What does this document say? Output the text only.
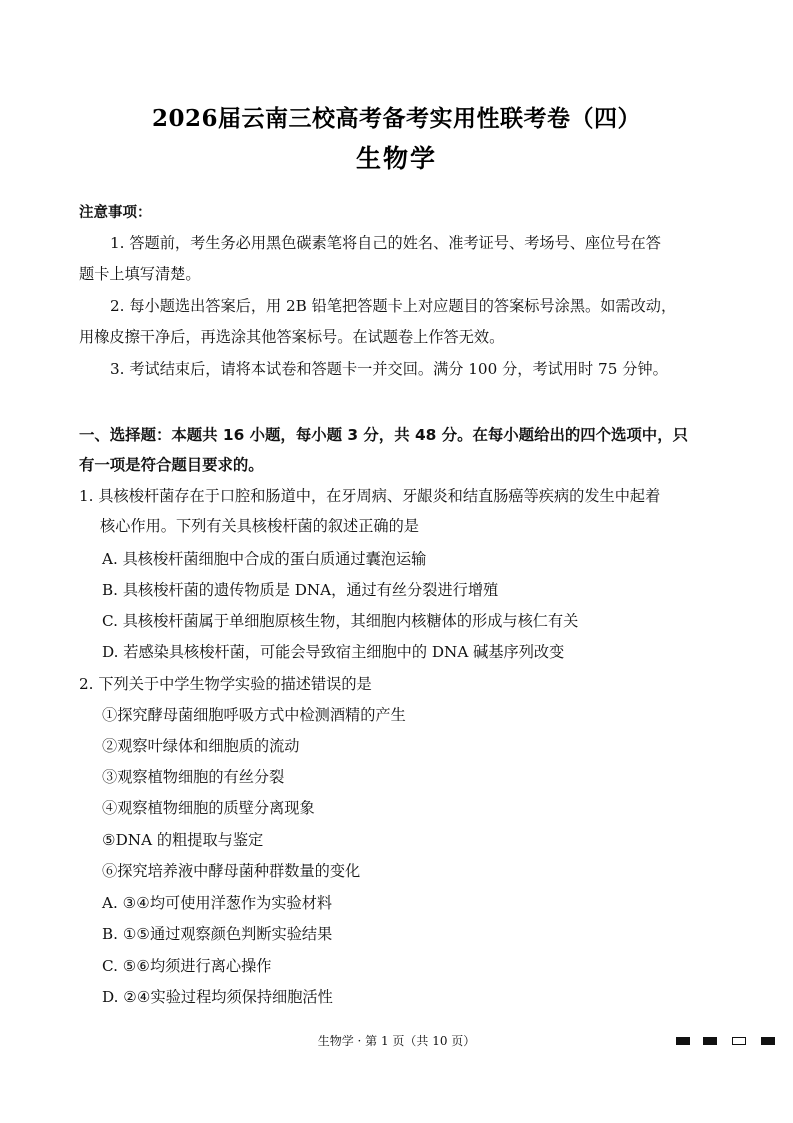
2026届云南三校高考备考实用性联考卷（四）
生物学
注意事项：
1. 答题前，考生务必用黑色碳素笔将自己的姓名、准考证号、考场号、座位号在答
题卡上填写清楚。
2. 每小题选出答案后，用 2B 铅笔把答题卡上对应题目的答案标号涂黑。如需改动，
用橡皮擦干净后，再选涂其他答案标号。在试题卷上作答无效。
3. 考试结束后，请将本试卷和答题卡一并交回。满分 100 分，考试用时 75 分钟。
一、选择题：本题共 16 小题，每小题 3 分，共 48 分。在每小题给出的四个选项中，只
有一项是符合题目要求的。
1. 具核梭杆菌存在于口腔和肠道中，在牙周病、牙龈炎和结直肠癌等疾病的发生中起着
核心作用。下列有关具核梭杆菌的叙述正确的是
A. 具核梭杆菌细胞中合成的蛋白质通过囊泡运输
B. 具核梭杆菌的遗传物质是 DNA，通过有丝分裂进行增殖
C. 具核梭杆菌属于单细胞原核生物，其细胞内核糖体的形成与核仁有关
D. 若感染具核梭杆菌，可能会导致宿主细胞中的 DNA 碱基序列改变
2. 下列关于中学生物学实验的描述错误的是
①探究酵母菌细胞呼吸方式中检测酒精的产生
②观察叶绿体和细胞质的流动
③观察植物细胞的有丝分裂
④观察植物细胞的质壁分离现象
⑤DNA 的粗提取与鉴定
⑥探究培养液中酵母菌种群数量的变化
A. ③④均可使用洋葱作为实验材料
B. ①⑤通过观察颜色判断实验结果
C. ⑤⑥均须进行离心操作
D. ②④实验过程均须保持细胞活性
生物学 · 第 1 页（共 10 页）
